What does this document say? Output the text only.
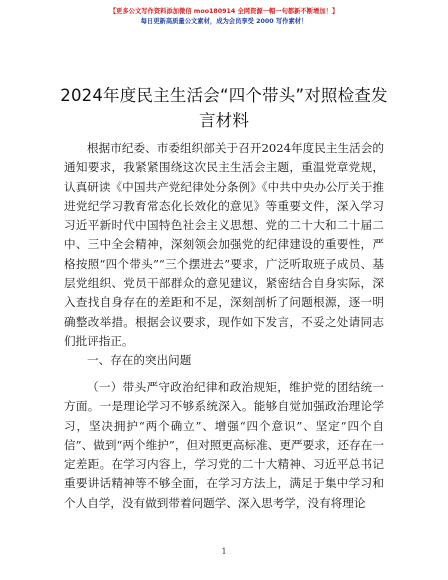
【更多公文写作资料添加微信 moo180914 全网资源一帽一句都新不断增加！】
每日更新高质量公文素材，成为会员享受 2000 写作素材！
2024年度民主生活会“四个带头”对照检查发言材料
根据市纪委、市委组织部关于召开2024年度民主生活会的通知要求，我紧紧围绕这次民主生活会主题，重温党章党规，认真研读《中国共产党纪律处分条例》《中共中央办公厅关于推进党纪学习教育常态化长效化的意见》等重要文件，深入学习习近平新时代中国特色社会主义思想、党的二十大和二十届二中、三中全会精神，深刻领会加强党的纪律建设的重要性，严格按照“四个带头”“三个摆进去”要求，广泛听取班子成员、基层党组织、党员干部群众的意见建议，紧密结合自身实际，深入查找自身存在的差距和不足，深刻剖析了问题根源，逐一明确整改举措。根据会议要求，现作如下发言，不妥之处请同志们批评指正。
一、存在的突出问题
（一）带头严守政治纪律和政治规矩，维护党的团结统一方面。一是理论学习不够系统深入。能够自觉加强政治理论学习，坚决拥护“两个确立”、增强“四个意识”、坚定“四个自信”、做到“两个维护”，但对照更高标准、更严要求，还存在一定差距。在学习内容上，学习党的二十大精神、习近平总书记重要讲话精神等不够全面，在学习方法上，满足于集中学习和个人自学，没有做到带着问题学、深入思考学，没有将理论
1
